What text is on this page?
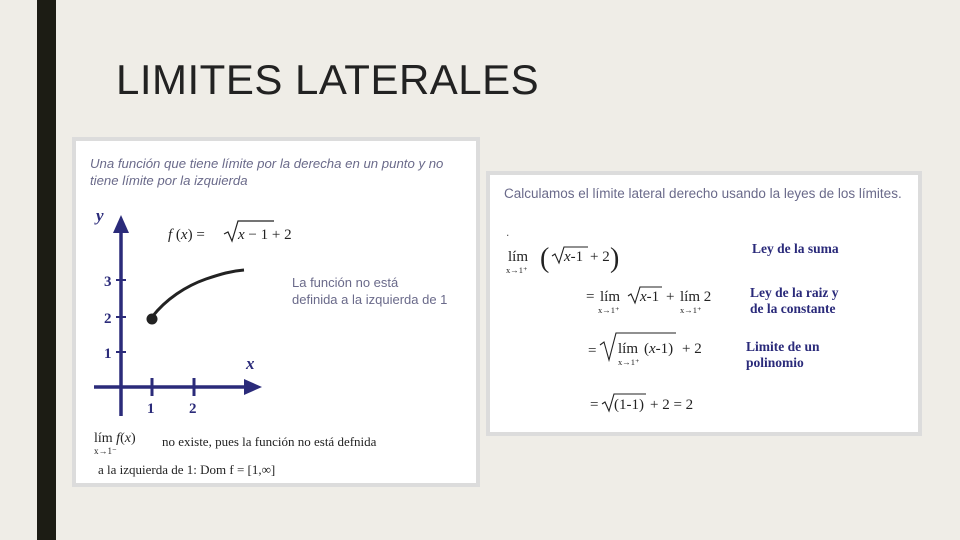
LIMITES LATERALES
Una función que tiene límite por la derecha en un punto y no tiene límite por la izquierda
y
x
3
2
1
1 2
f (x) = x − 1 + 2
La función no está
definida a la izquierda de 1
lím f(x)
x→1⁻
no existe, pues la función no está defnida
a la izquierda de 1: Dom f = [1,∞]
Calculamos el límite lateral derecho usando la leyes de los límites.
.
lím
x→1⁺ ( x-1 + 2 )
= lím
x→1⁺
x-1 + lím 2
x→1⁺
= lím
x→1⁺
(x-1) + 2
= (1-1) + 2 = 2
Ley de la suma
Ley de la raiz y
de la constante
Limite de un
polinomio
